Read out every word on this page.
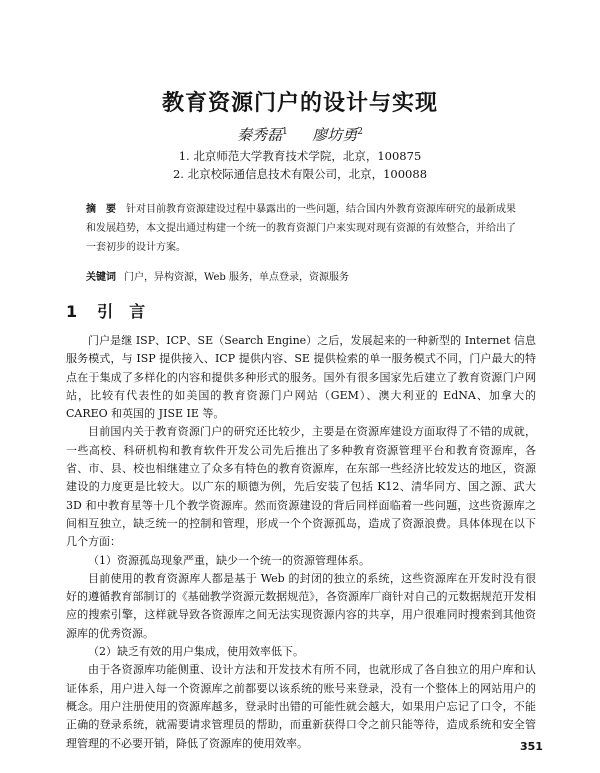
教育资源门户的设计与实现
秦秀磊$^1$ 　 廖坊勇$^2$
1. 北京师范大学教育技术学院，北京，100875
2. 北京校际通信息技术有限公司，北京，100088
摘　要 针对目前教育资源建设过程中暴露出的一些问题，结合国内外教育资源库研究的最新成果和发展趋势，本文提出通过构建一个统一的教育资源门户来实现对现有资源的有效整合，并给出了一套初步的设计方案。
关键词 门户，异构资源，Web 服务，单点登录，资源服务
1 引　言

门户是继 ISP、ICP、SE（Search Engine）之后，发展起来的一种新型的 Internet 信息服务模式，与 ISP 提供接入、ICP 提供内容、SE 提供检索的单一服务模式不同，门户最大的特点在于集成了多样化的内容和提供多种形式的服务。国外有很多国家先后建立了教育资源门户网站，比较有代表性的如美国的教育资源门户网站（GEM）、澳大利亚的 EdNA、加拿大的 CAREO 和英国的 JISE IE 等。

目前国内关于教育资源门户的研究还比较少，主要是在资源库建设方面取得了不错的成就，一些高校、科研机构和教育软件开发公司先后推出了多种教育资源管理平台和教育资源库，各省、市、县、校也相继建立了众多有特色的教育资源库，在东部一些经济比较发达的地区，资源建设的力度更是比较大。以广东的顺德为例，先后安装了包括 K12、清华同方、国之源、武大 3D 和中教育星等十几个教学资源库。然而资源建设的背后同样面临着一些问题，这些资源库之间相互独立，缺乏统一的控制和管理，形成一个个资源孤岛，造成了资源浪费。具体体现在以下几个方面：

（1）资源孤岛现象严重，缺少一个统一的资源管理体系。

目前使用的教育资源库人都是基于 Web 的封闭的独立的系统，这些资源库在开发时没有很好的遵循教育部制订的《基础教学资源元数据规范》，各资源库厂商针对自己的元数据规范开发相应的搜索引擎，这样就导致各资源库之间无法实现资源内容的共享，用户很难同时搜索到其他资源库的优秀资源。

（2）缺乏有效的用户集成，使用效率低下。

由于各资源库功能侧重、设计方法和开发技术有所不同，也就形成了各自独立的用户库和认证体系，用户进入每一个资源库之前都要以该系统的账号来登录，没有一个整体上的网站用户的概念。用户注册使用的资源库越多，登录时出错的可能性就会越大，如果用户忘记了口令，不能正确的登录系统，就需要请求管理员的帮助，而重新获得口令之前只能等待，造成系统和安全管理管理的不必要开销，降低了资源库的使用效率。	351
